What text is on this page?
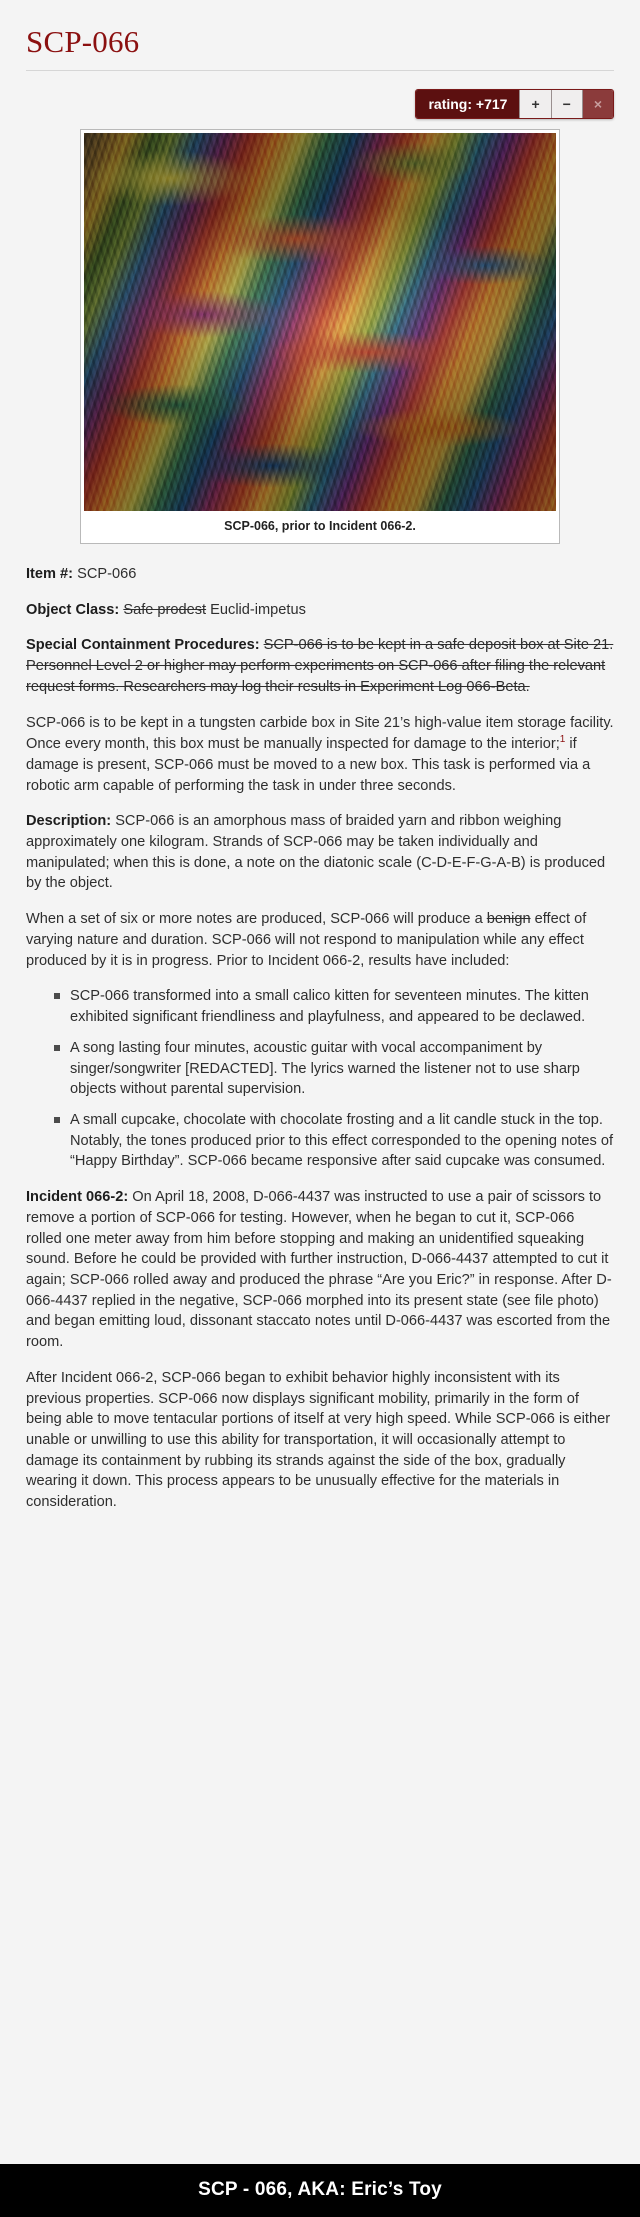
SCP-066
rating: +717	+	−	×
SCP-066, prior to Incident 066-2.

Item #: SCP-066

Object Class: Safe prodest Euclid-impetus

Special Containment Procedures: SCP-066 is to be kept in a safe deposit box at Site 21. Personnel Level 2 or higher may perform experiments on SCP-066 after filing the relevant request forms. Researchers may log their results in Experiment Log 066-Beta.

SCP-066 is to be kept in a tungsten carbide box in Site 21’s high-value item storage facility. Once every month, this box must be manually inspected for damage to the interior;$^1$ if damage is present, SCP-066 must be moved to a new box. This task is performed via a robotic arm capable of performing the task in under three seconds.

Description: SCP-066 is an amorphous mass of braided yarn and ribbon weighing approximately one kilogram. Strands of SCP-066 may be taken individually and manipulated; when this is done, a note on the diatonic scale (C-D-E-F-G-A-B) is produced by the object.

When a set of six or more notes are produced, SCP-066 will produce a benign effect of varying nature and duration. SCP-066 will not respond to manipulation while any effect produced by it is in progress. Prior to Incident 066-2, results have included:

SCP-066 transformed into a small calico kitten for seventeen minutes. The kitten exhibited significant friendliness and playfulness, and appeared to be declawed.
A song lasting four minutes, acoustic guitar with vocal accompaniment by singer/songwriter [REDACTED]. The lyrics warned the listener not to use sharp objects without parental supervision.
A small cupcake, chocolate with chocolate frosting and a lit candle stuck in the top. Notably, the tones produced prior to this effect corresponded to the opening notes of “Happy Birthday”. SCP-066 became responsive after said cupcake was consumed.

Incident 066-2: On April 18, 2008, D-066-4437 was instructed to use a pair of scissors to remove a portion of SCP-066 for testing. However, when he began to cut it, SCP-066 rolled one meter away from him before stopping and making an unidentified squeaking sound. Before he could be provided with further instruction, D-066-4437 attempted to cut it again; SCP-066 rolled away and produced the phrase “Are you Eric?” in response. After D-066-4437 replied in the negative, SCP-066 morphed into its present state (see file photo) and began emitting loud, dissonant staccato notes until D-066-4437 was escorted from the room.

After Incident 066-2, SCP-066 began to exhibit behavior highly inconsistent with its previous properties. SCP-066 now displays significant mobility, primarily in the form of being able to move tentacular portions of itself at very high speed. While SCP-066 is either unable or unwilling to use this ability for transportation, it will occasionally attempt to damage its containment by rubbing its strands against the side of the box, gradually wearing it down. This process appears to be unusually effective for the materials in consideration.

SCP - 066, AKA: Eric’s Toy
